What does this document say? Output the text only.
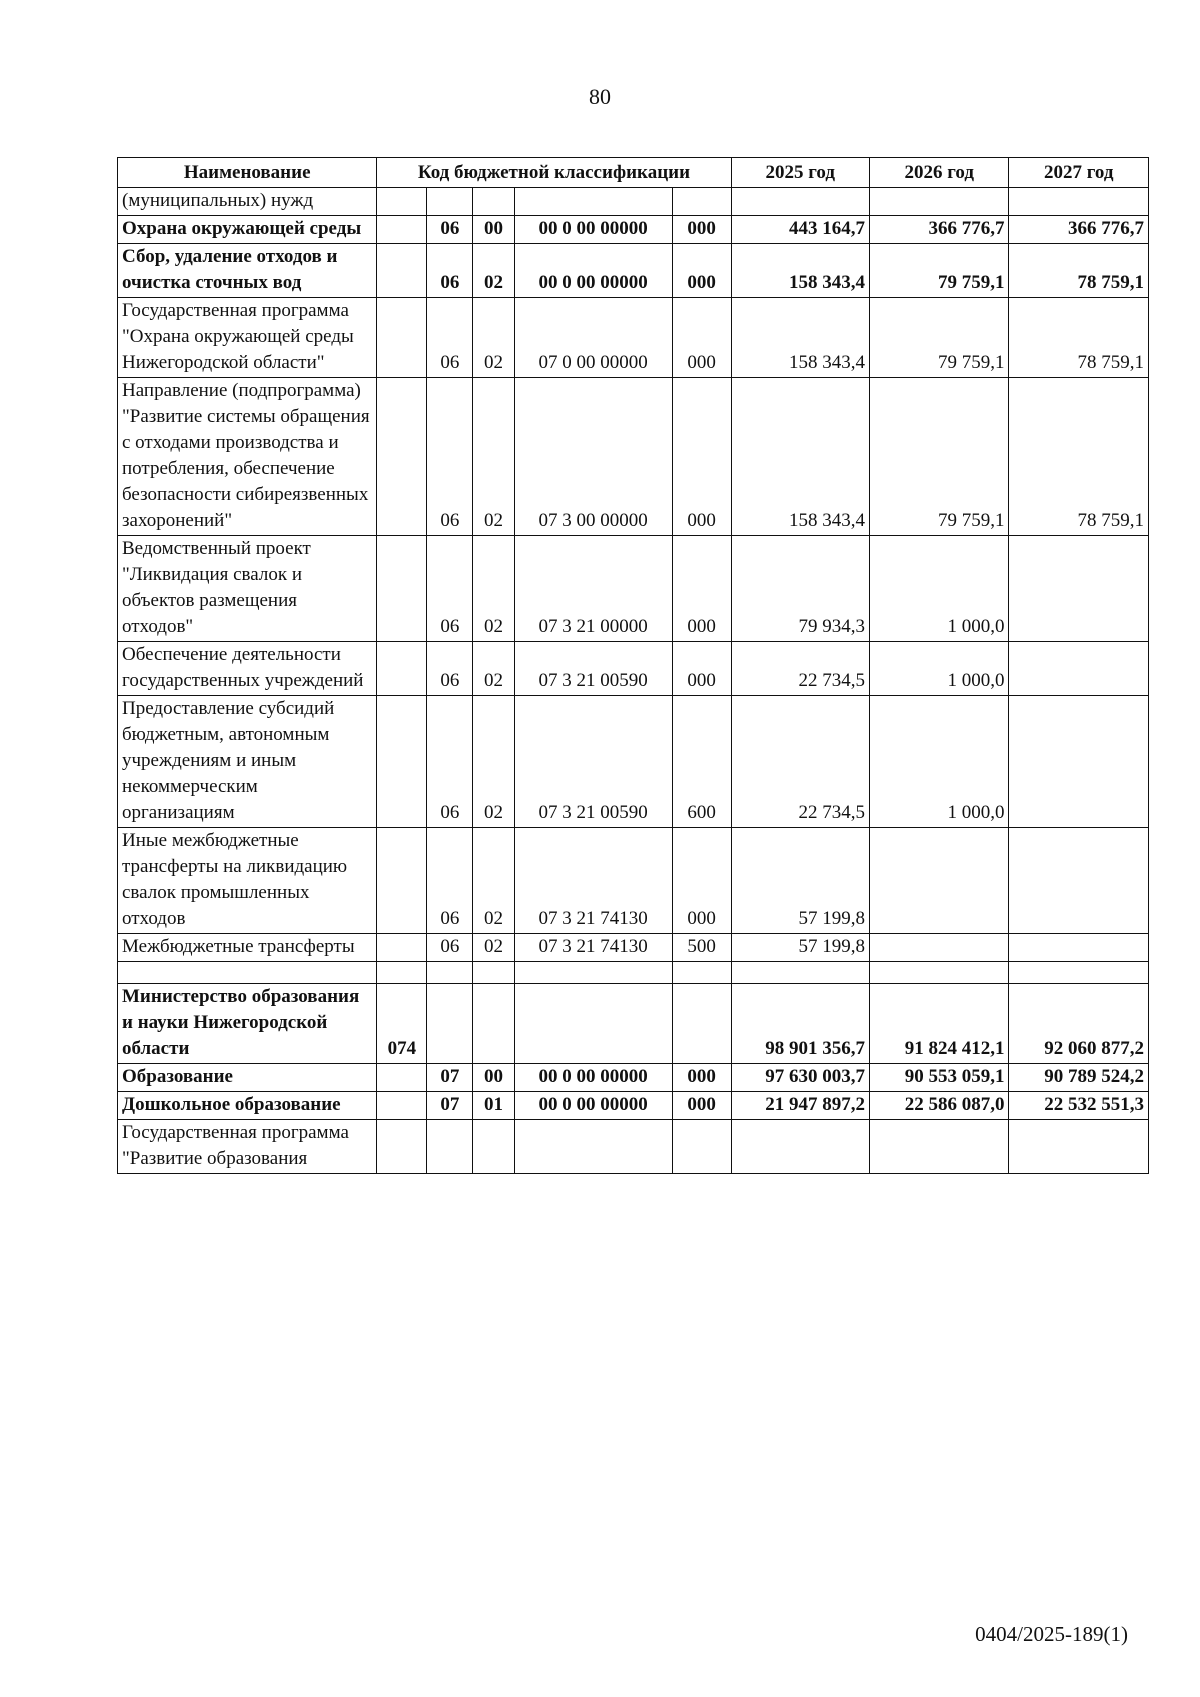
80
Наименование	Код бюджетной классификации					2025 год	2026 год	2027 год
(муниципальных) нужд								
Охрана окружающей среды		06	00	00 0 00 00000	000	443 164,7	366 776,7	366 776,7
Сбор, удаление отходов и очистка сточных вод		06	02	00 0 00 00000	000	158 343,4	79 759,1	78 759,1
Государственная программа "Охрана окружающей среды Нижегородской области"		06	02	07 0 00 00000	000	158 343,4	79 759,1	78 759,1
Направление (подпрограмма) "Развитие системы обращения с отходами производства и потребления, обеспечение безопасности сибиреязвенных захоронений"		06	02	07 3 00 00000	000	158 343,4	79 759,1	78 759,1
Ведомственный проект "Ликвидация свалок и объектов размещения отходов"		06	02	07 3 21 00000	000	79 934,3	1 000,0	
Обеспечение деятельности государственных учреждений		06	02	07 3 21 00590	000	22 734,5	1 000,0	
Предоставление субсидий бюджетным, автономным учреждениям и иным некоммерческим организациям		06	02	07 3 21 00590	600	22 734,5	1 000,0	
Иные межбюджетные трансферты на ликвидацию свалок промышленных отходов		06	02	07 3 21 74130	000	57 199,8		
Межбюджетные трансферты		06	02	07 3 21 74130	500	57 199,8		

Министерство образования и науки Нижегородской области	074					98 901 356,7	91 824 412,1	92 060 877,2
Образование		07	00	00 0 00 00000	000	97 630 003,7	90 553 059,1	90 789 524,2
Дошкольное образование		07	01	00 0 00 00000	000	21 947 897,2	22 586 087,0	22 532 551,3
Государственная программа "Развитие образования								
0404/2025-189(1)
